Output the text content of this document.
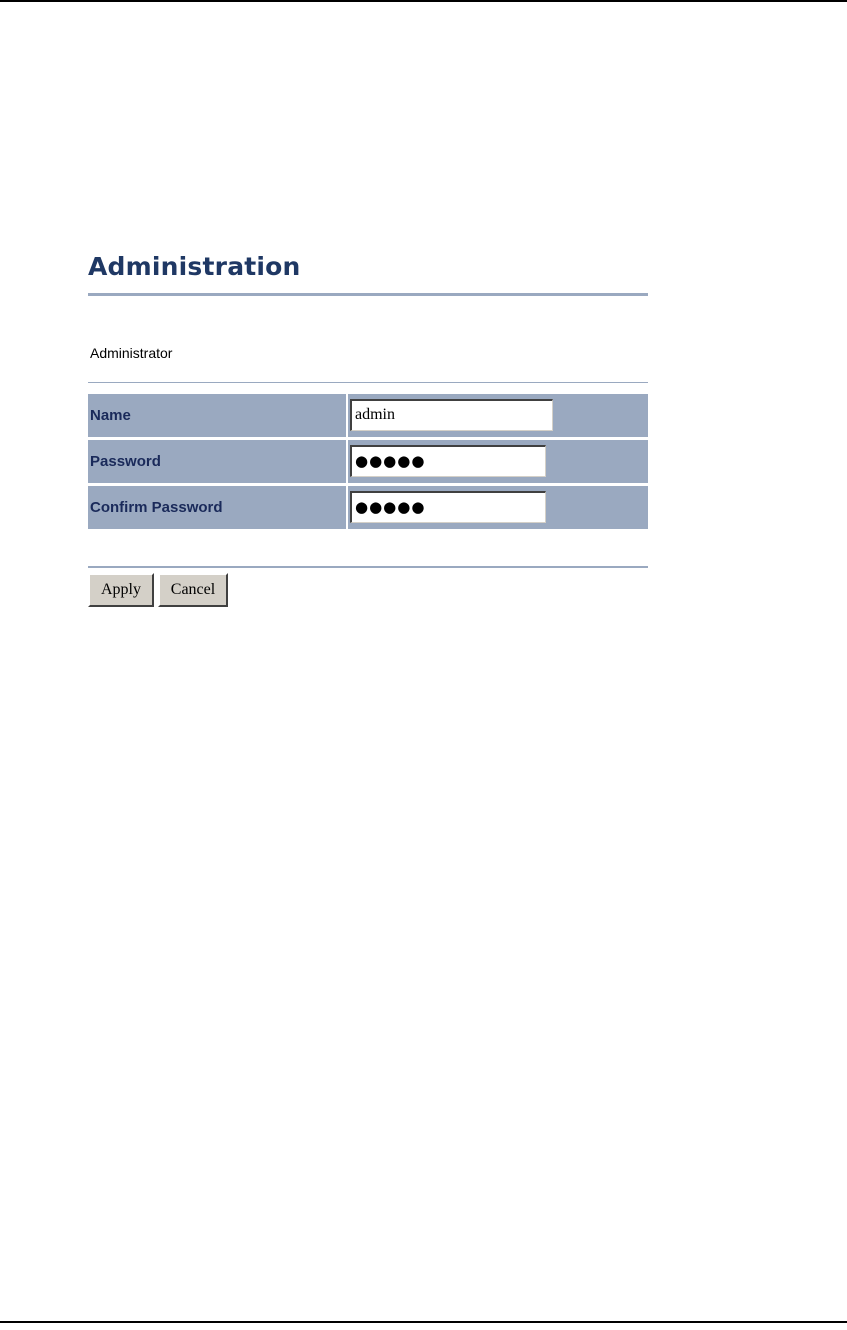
Administration
Administrator
Name	admin
Password	●●●●●
Confirm Password	●●●●●
Apply	Cancel
